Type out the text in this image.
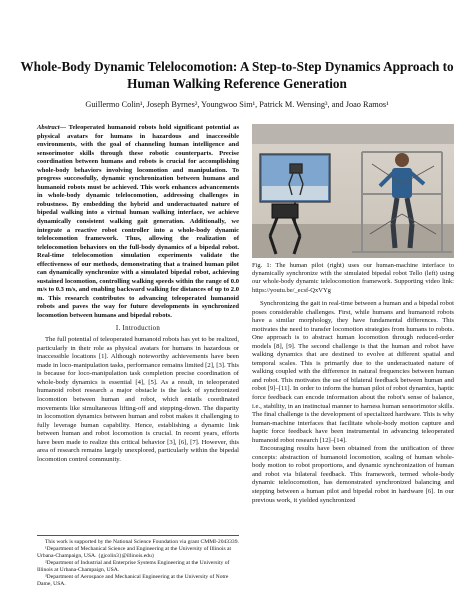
Whole-Body Dynamic Telelocomotion: A Step-to-Step Dynamics Approach to Human Walking Reference Generation
Guillermo Colin¹, Joseph Byrnes², Youngwoo Sim¹, Patrick M. Wensing³, and Joao Ramos¹
Abstract— Teleoperated humanoid robots hold significant potential as physical avatars for humans in hazardous and inaccessible environments, with the goal of channeling human intelligence and sensorimotor skills through these robotic counterparts. Precise coordination between humans and robots is crucial for accomplishing whole-body behaviors involving locomotion and manipulation. To progress successfully, dynamic synchronization between humans and humanoid robots must be achieved. This work enhances advancements in whole-body dynamic telelocomotion, addressing challenges in robustness. By embedding the hybrid and underactuated nature of bipedal walking into a virtual human walking interface, we achieve dynamically consistent walking gait generation. Additionally, we integrate a reactive robot controller into a whole-body dynamic telelocomotion framework. Thus, allowing the realization of telelocomotion behaviors on the full-body dynamics of a bipedal robot. Real-time telelocomotion simulation experiments validate the effectiveness of our methods, demonstrating that a trained human pilot can dynamically synchronize with a simulated bipedal robot, achieving sustained locomotion, controlling walking speeds within the range of 0.0 m/s to 0.3 m/s, and enabling backward walking for distances of up to 2.0 m. This research contributes to advancing teleoperated humanoid robots and paves the way for future developments in synchronized locomotion between humans and bipedal robots.
I. Introduction

The full potential of teleoperated humanoid robots has yet to be realized, particularly in their role as physical avatars for humans in hazardous or inaccessible locations [1]. Although noteworthy achievements have been made in loco-manipulation tasks, performance remains limited [2], [3]. This is because for loco-manipulation task completion precise coordination of whole-body dynamics is essential [4], [5]. As a result, in teleoperated humanoid robot research a major obstacle is the lack of synchronized locomotion between human and robot, which entails coordinated movements like simultaneous lifting-off and stepping-down. The disparity in locomotion dynamics between human and robot makes it challenging to fully leverage human capability. Hence, establishing a dynamic link between human and robot locomotion is crucial. In recent years, efforts have been made to realize this critical behavior [3], [6], [7]. However, this area of research remains largely unexplored, particularly within the bipedal locomotion control community.

This work is supported by the National Science Foundation via grant CMMI-2043339.

¹Department of Mechanical Science and Engineering at the University of Illinois at Urbana-Champaign, USA. {gjcolin3}@illinois.edu}

²Department of Industrial and Enterprise Systems Engineering at the University of Illinois at Urbana-Champaign, USA.

³Department of Aerospace and Mechanical Engineering at the University of Notre Dame, USA.

Fig. 1: The human pilot (right) uses our human-machine interface to dynamically synchronize with the simulated bipedal robot Tello (left) using our whole-body dynamic telelocomotion framework. Supporting video link: https://youtu.be/_ecsf-QxVYg

Synchronizing the gait in real-time between a human and a bipedal robot poses considerable challenges. First, while humans and humanoid robots have a similar morphology, they have fundamental differences. This motivates the need to transfer locomotion strategies from humans to robots. One approach is to abstract human locomotion through reduced-order models [8], [9]. The second challenge is that the human and robot have walking dynamics that are destined to evolve at different spatial and temporal scales. This is primarily due to the underactuated nature of walking coupled with the difference in natural frequencies between human and robot. This motivates the use of bilateral feedback between human and robot [9]–[11]. In order to inform the human pilot of robot dynamics, haptic force feedback can encode information about the robot's sense of balance, i.e., stability, in an instinctual manner to harness human sensorimotor skills. The final challenge is the development of specialized hardware. This is why human-machine interfaces that facilitate whole-body motion capture and haptic force feedback have been instrumental in advancing teleoperated humanoid robot research [12]–[14].

Encouraging results have been obtained from the unification of three concepts: abstraction of humanoid locomotion, scaling of human whole-body motion to robot proportions, and dynamic synchronization of human and robot via bilateral feedback. This framework, termed whole-body dynamic telelocomotion, has demonstrated synchronized balancing and stepping between a human pilot and bipedal robot in hardware [6]. In our previous work, it yielded synchronized
